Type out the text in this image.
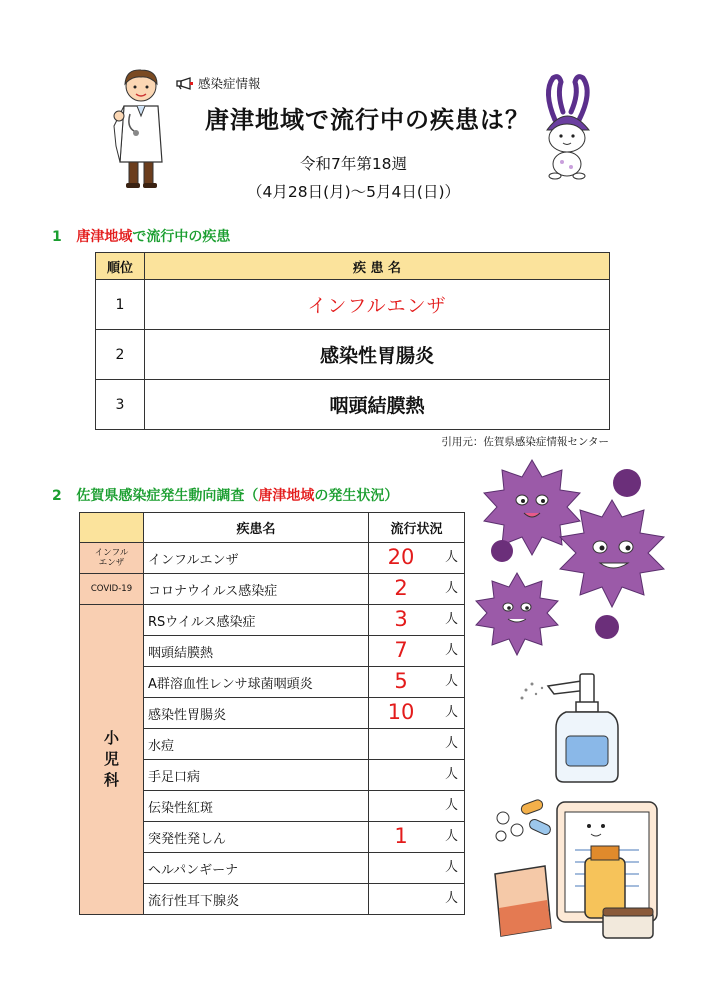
感染症情報
唐津地域で流行中の疾患は？
令和7年第18週
（4月28日(月)〜5月4日(日)）
1 唐津地域で流行中の疾患
順位	疾 患 名
1	インフルエンザ
2	感染性胃腸炎
3	咽頭結膜熱
引用元：佐賀県感染症情報センター
2 佐賀県感染症発生動向調査（唐津地域の発生状況）
	疾患名	流行状況
インフル
エンザ	インフルエンザ	20 人

COVID-19	コロナウイルス感染症	2 人

小
児
科	RSウイルス感染症	3 人

	咽頭結膜熱	7 人

	A群溶血性レンサ球菌咽頭炎	5 人

	感染性胃腸炎	10 人

	水痘	人

	手足口病	人

	伝染性紅斑	人

	突発性発しん	1 人

	ヘルパンギーナ	人

	流行性耳下腺炎	人
